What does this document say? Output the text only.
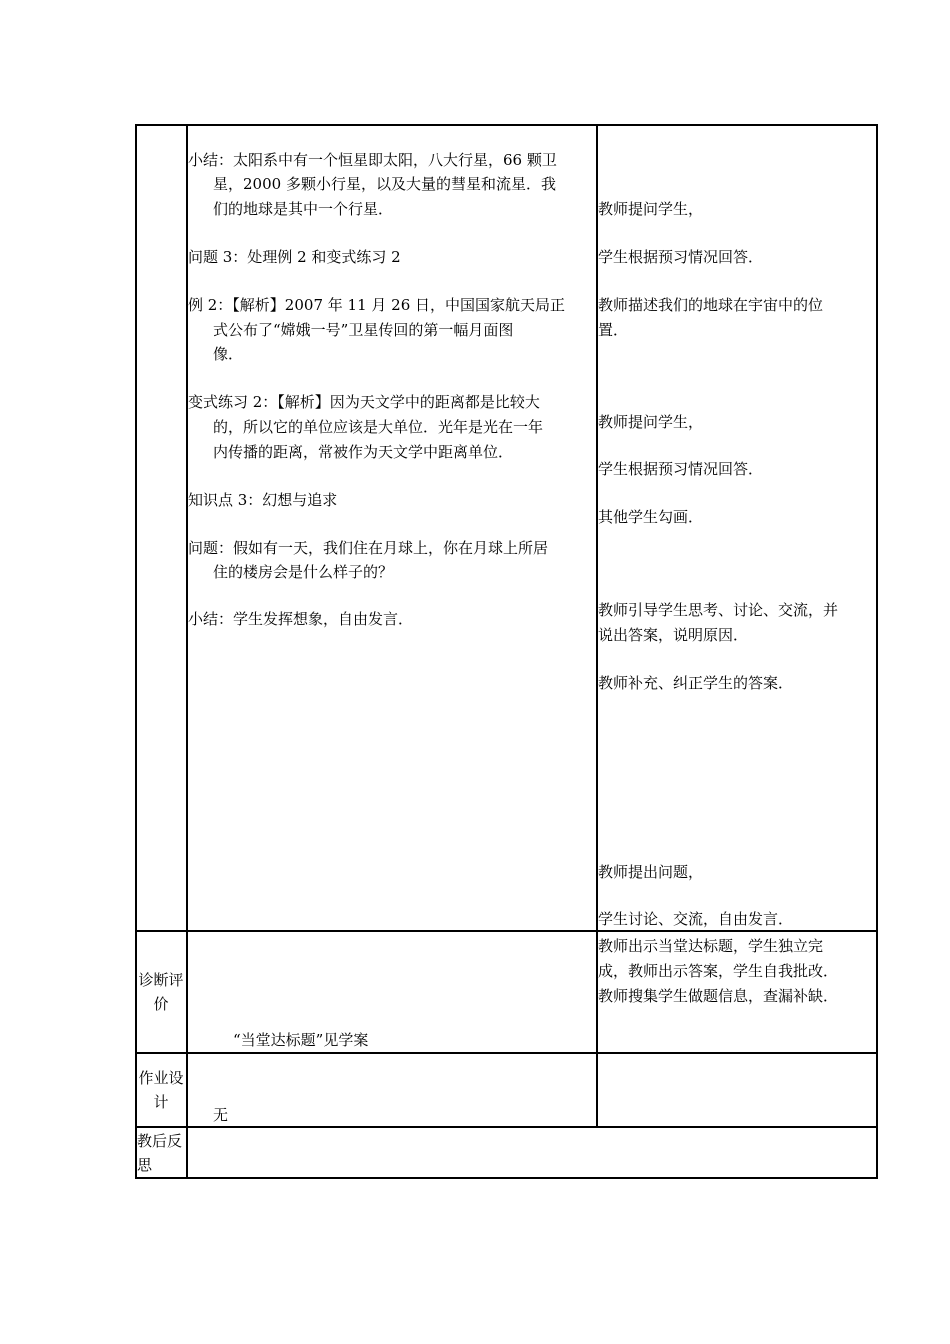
小结：太阳系中有一个恒星即太阳，八大行星，66 颗卫
星，2000 多颗小行星，以及大量的彗星和流星．我
们的地球是其中一个行星．
问题 3：处理例 2 和变式练习 2
例 2：【解析】2007 年 11 月 26 日，中国国家航天局正
式公布了“嫦娥一号”卫星传回的第一幅月面图
像．
变式练习 2：【解析】因为天文学中的距离都是比较大
的，所以它的单位应该是大单位．光年是光在一年
内传播的距离，常被作为天文学中距离单位．
知识点 3：幻想与追求
问题：假如有一天，我们住在月球上，你在月球上所居
住的楼房会是什么样子的？
小结：学生发挥想象，自由发言．
教师提问学生，
学生根据预习情况回答．
教师描述我们的地球在宇宙中的位
置．
教师提问学生，
学生根据预习情况回答．
其他学生勾画．
教师引导学生思考、讨论、交流，并
说出答案，说明原因．
教师补充、纠正学生的答案．
教师提出问题，
学生讨论、交流，自由发言．
诊断评
价
“当堂达标题”见学案
教师出示当堂达标题，学生独立完
成，教师出示答案，学生自我批改．
教师搜集学生做题信息，查漏补缺．
作业设
计
无
教后反
思
